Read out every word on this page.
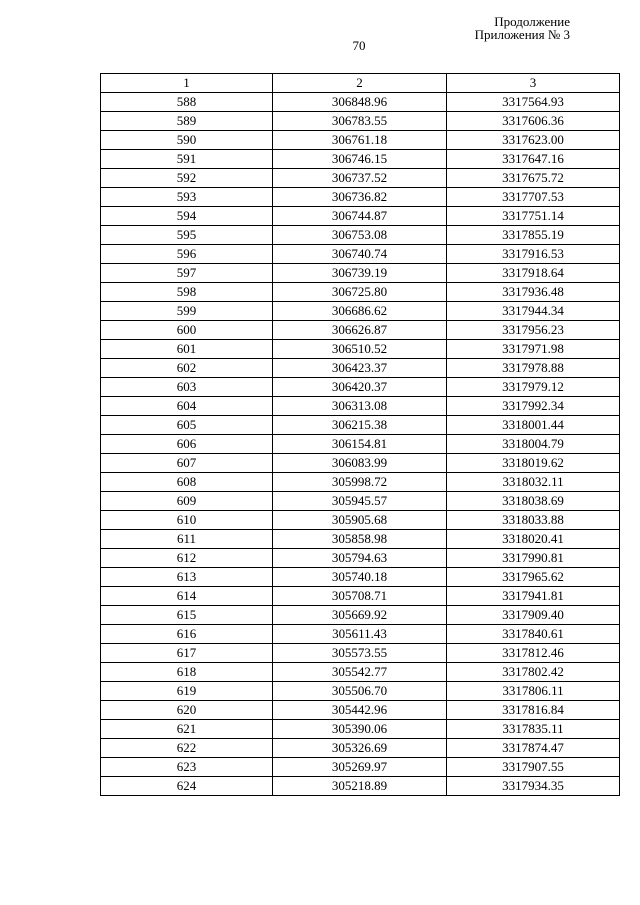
Продолжение
Приложения № 3
70
1	2	3
588	306848.96	3317564.93
589	306783.55	3317606.36
590	306761.18	3317623.00
591	306746.15	3317647.16
592	306737.52	3317675.72
593	306736.82	3317707.53
594	306744.87	3317751.14
595	306753.08	3317855.19
596	306740.74	3317916.53
597	306739.19	3317918.64
598	306725.80	3317936.48
599	306686.62	3317944.34
600	306626.87	3317956.23
601	306510.52	3317971.98
602	306423.37	3317978.88
603	306420.37	3317979.12
604	306313.08	3317992.34
605	306215.38	3318001.44
606	306154.81	3318004.79
607	306083.99	3318019.62
608	305998.72	3318032.11
609	305945.57	3318038.69
610	305905.68	3318033.88
611	305858.98	3318020.41
612	305794.63	3317990.81
613	305740.18	3317965.62
614	305708.71	3317941.81
615	305669.92	3317909.40
616	305611.43	3317840.61
617	305573.55	3317812.46
618	305542.77	3317802.42
619	305506.70	3317806.11
620	305442.96	3317816.84
621	305390.06	3317835.11
622	305326.69	3317874.47
623	305269.97	3317907.55
624	305218.89	3317934.35
